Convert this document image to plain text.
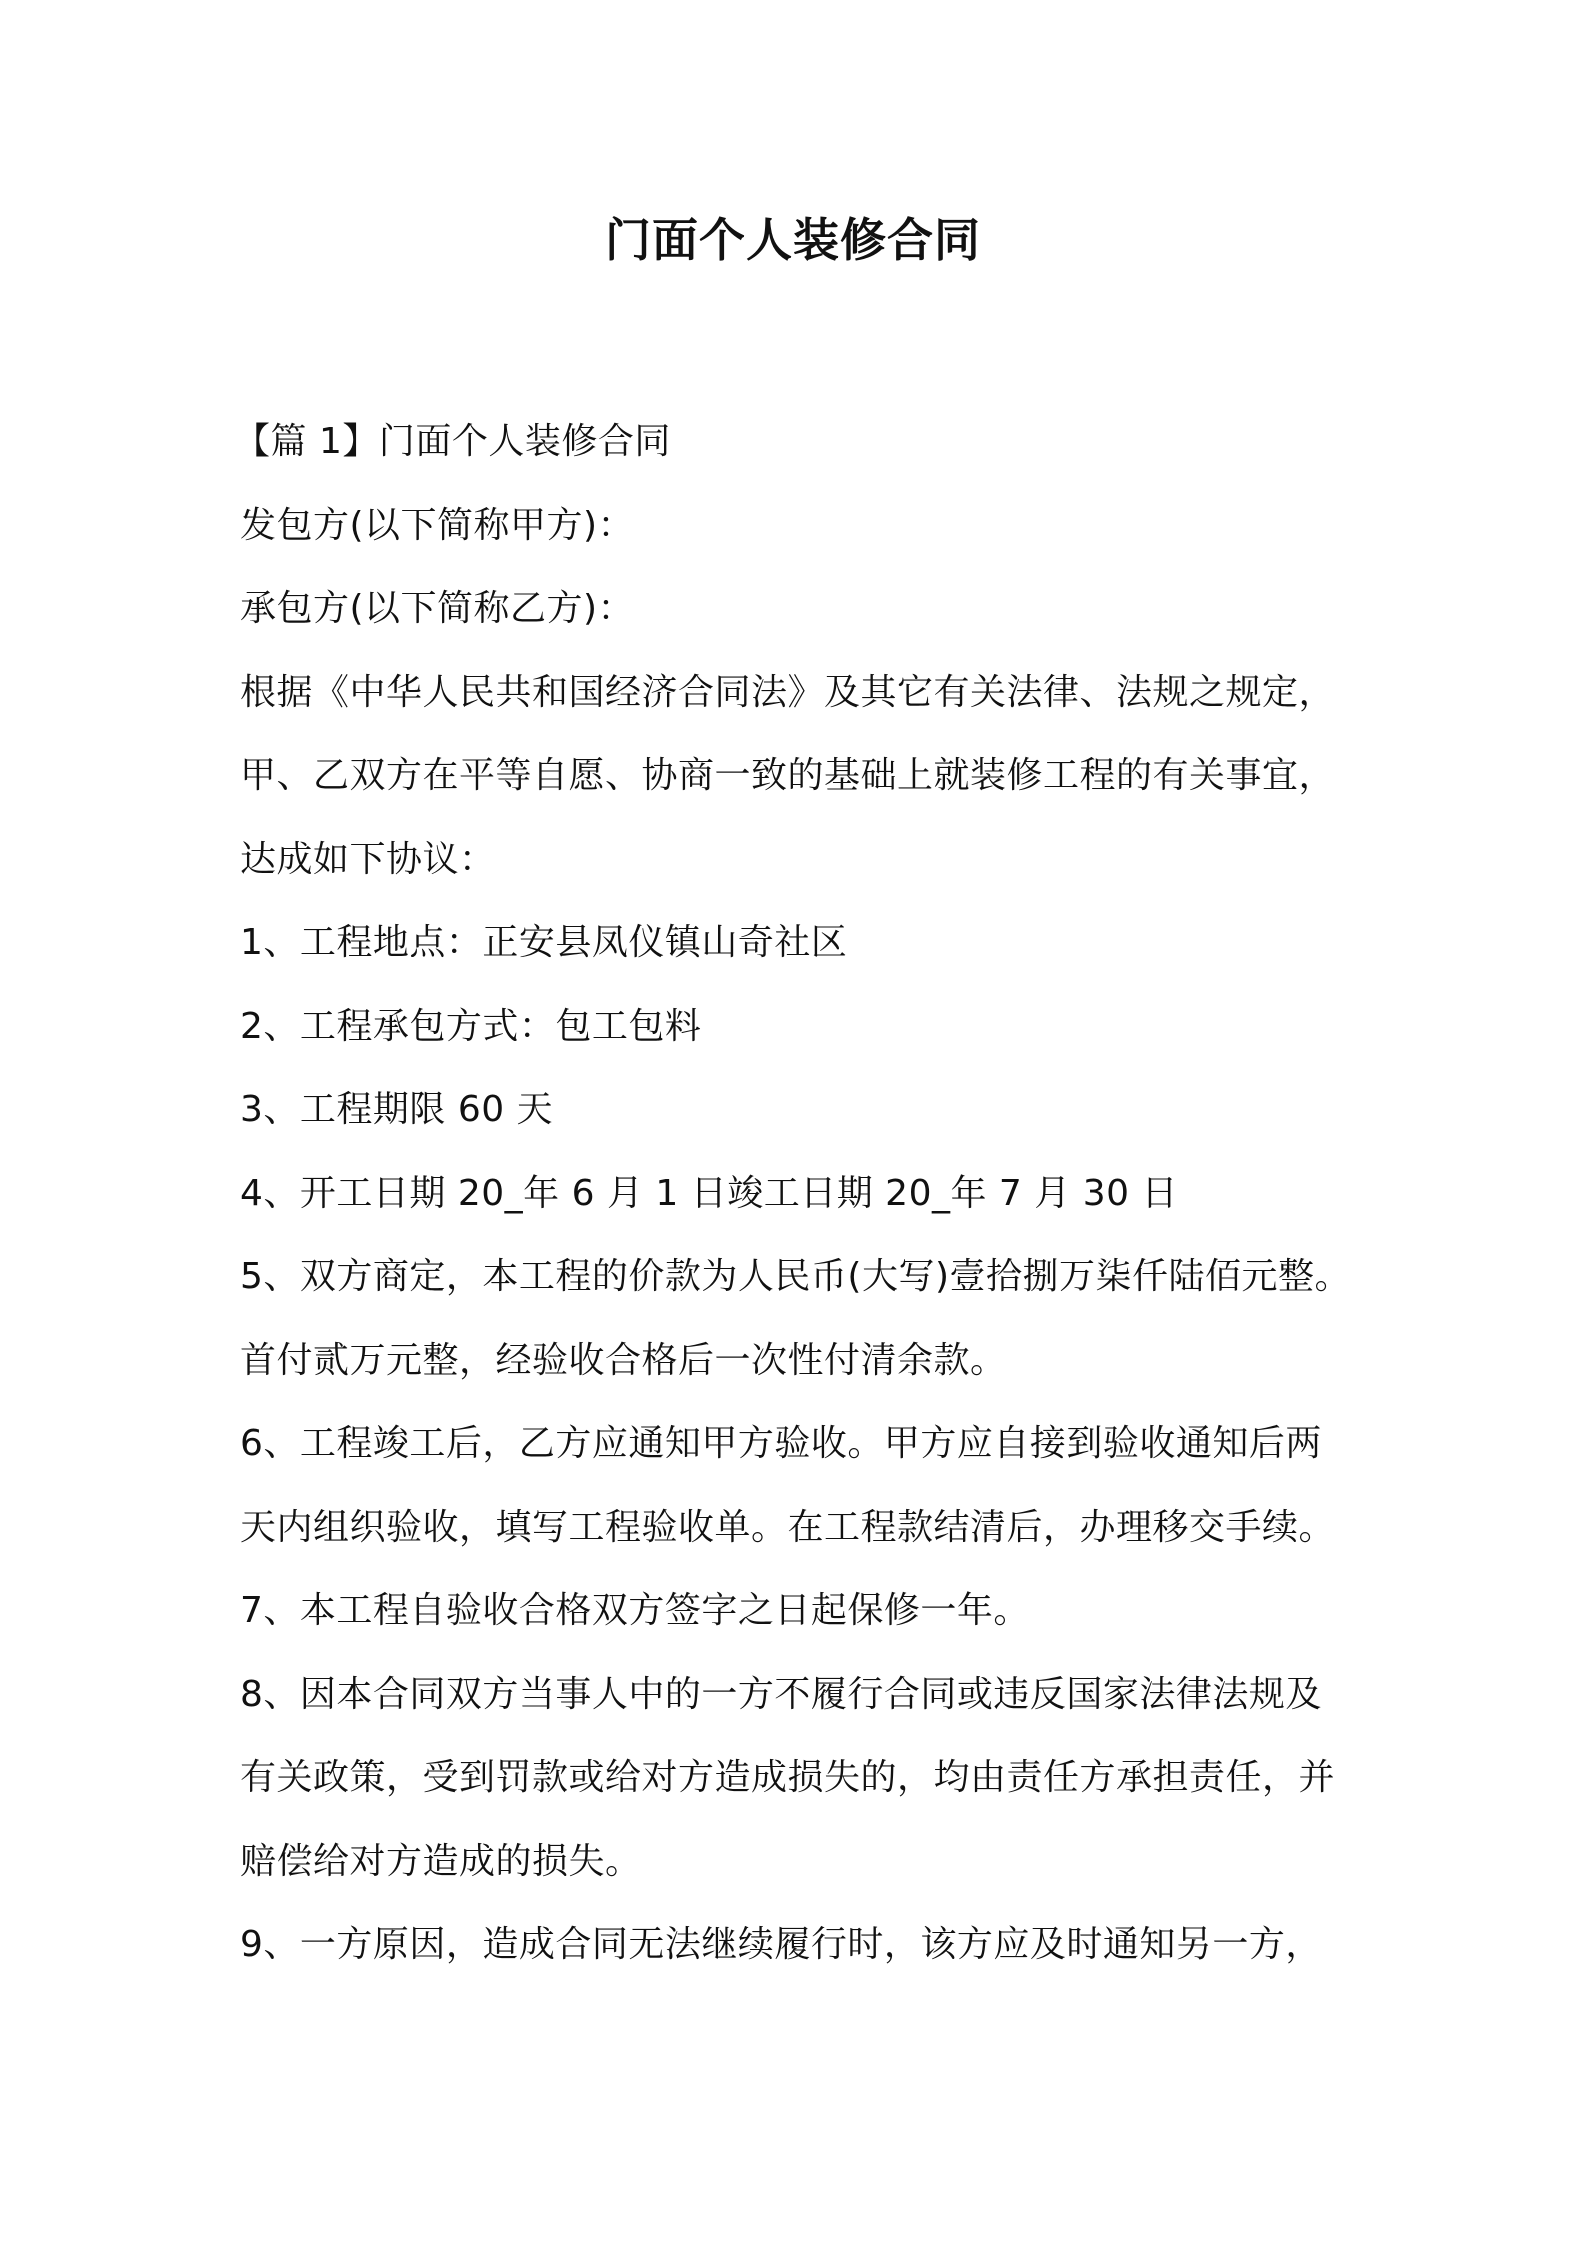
门面个人装修合同
【篇 1】门面个人装修合同
发包方(以下简称甲方)：
承包方(以下简称乙方)：
根据《中华人民共和国经济合同法》及其它有关法律、法规之规定，
甲、乙双方在平等自愿、协商一致的基础上就装修工程的有关事宜，
达成如下协议：
1、工程地点：正安县凤仪镇山奇社区
2、工程承包方式：包工包料
3、工程期限 60 天
4、开工日期 20_年 6 月 1 日竣工日期 20_年 7 月 30 日
5、双方商定，本工程的价款为人民币(大写)壹拾捌万柒仟陆佰元整。
首付贰万元整，经验收合格后一次性付清余款。
6、工程竣工后，乙方应通知甲方验收。甲方应自接到验收通知后两
天内组织验收，填写工程验收单。在工程款结清后，办理移交手续。
7、本工程自验收合格双方签字之日起保修一年。
8、因本合同双方当事人中的一方不履行合同或违反国家法律法规及
有关政策，受到罚款或给对方造成损失的，均由责任方承担责任，并
赔偿给对方造成的损失。
9、一方原因，造成合同无法继续履行时，该方应及时通知另一方，
